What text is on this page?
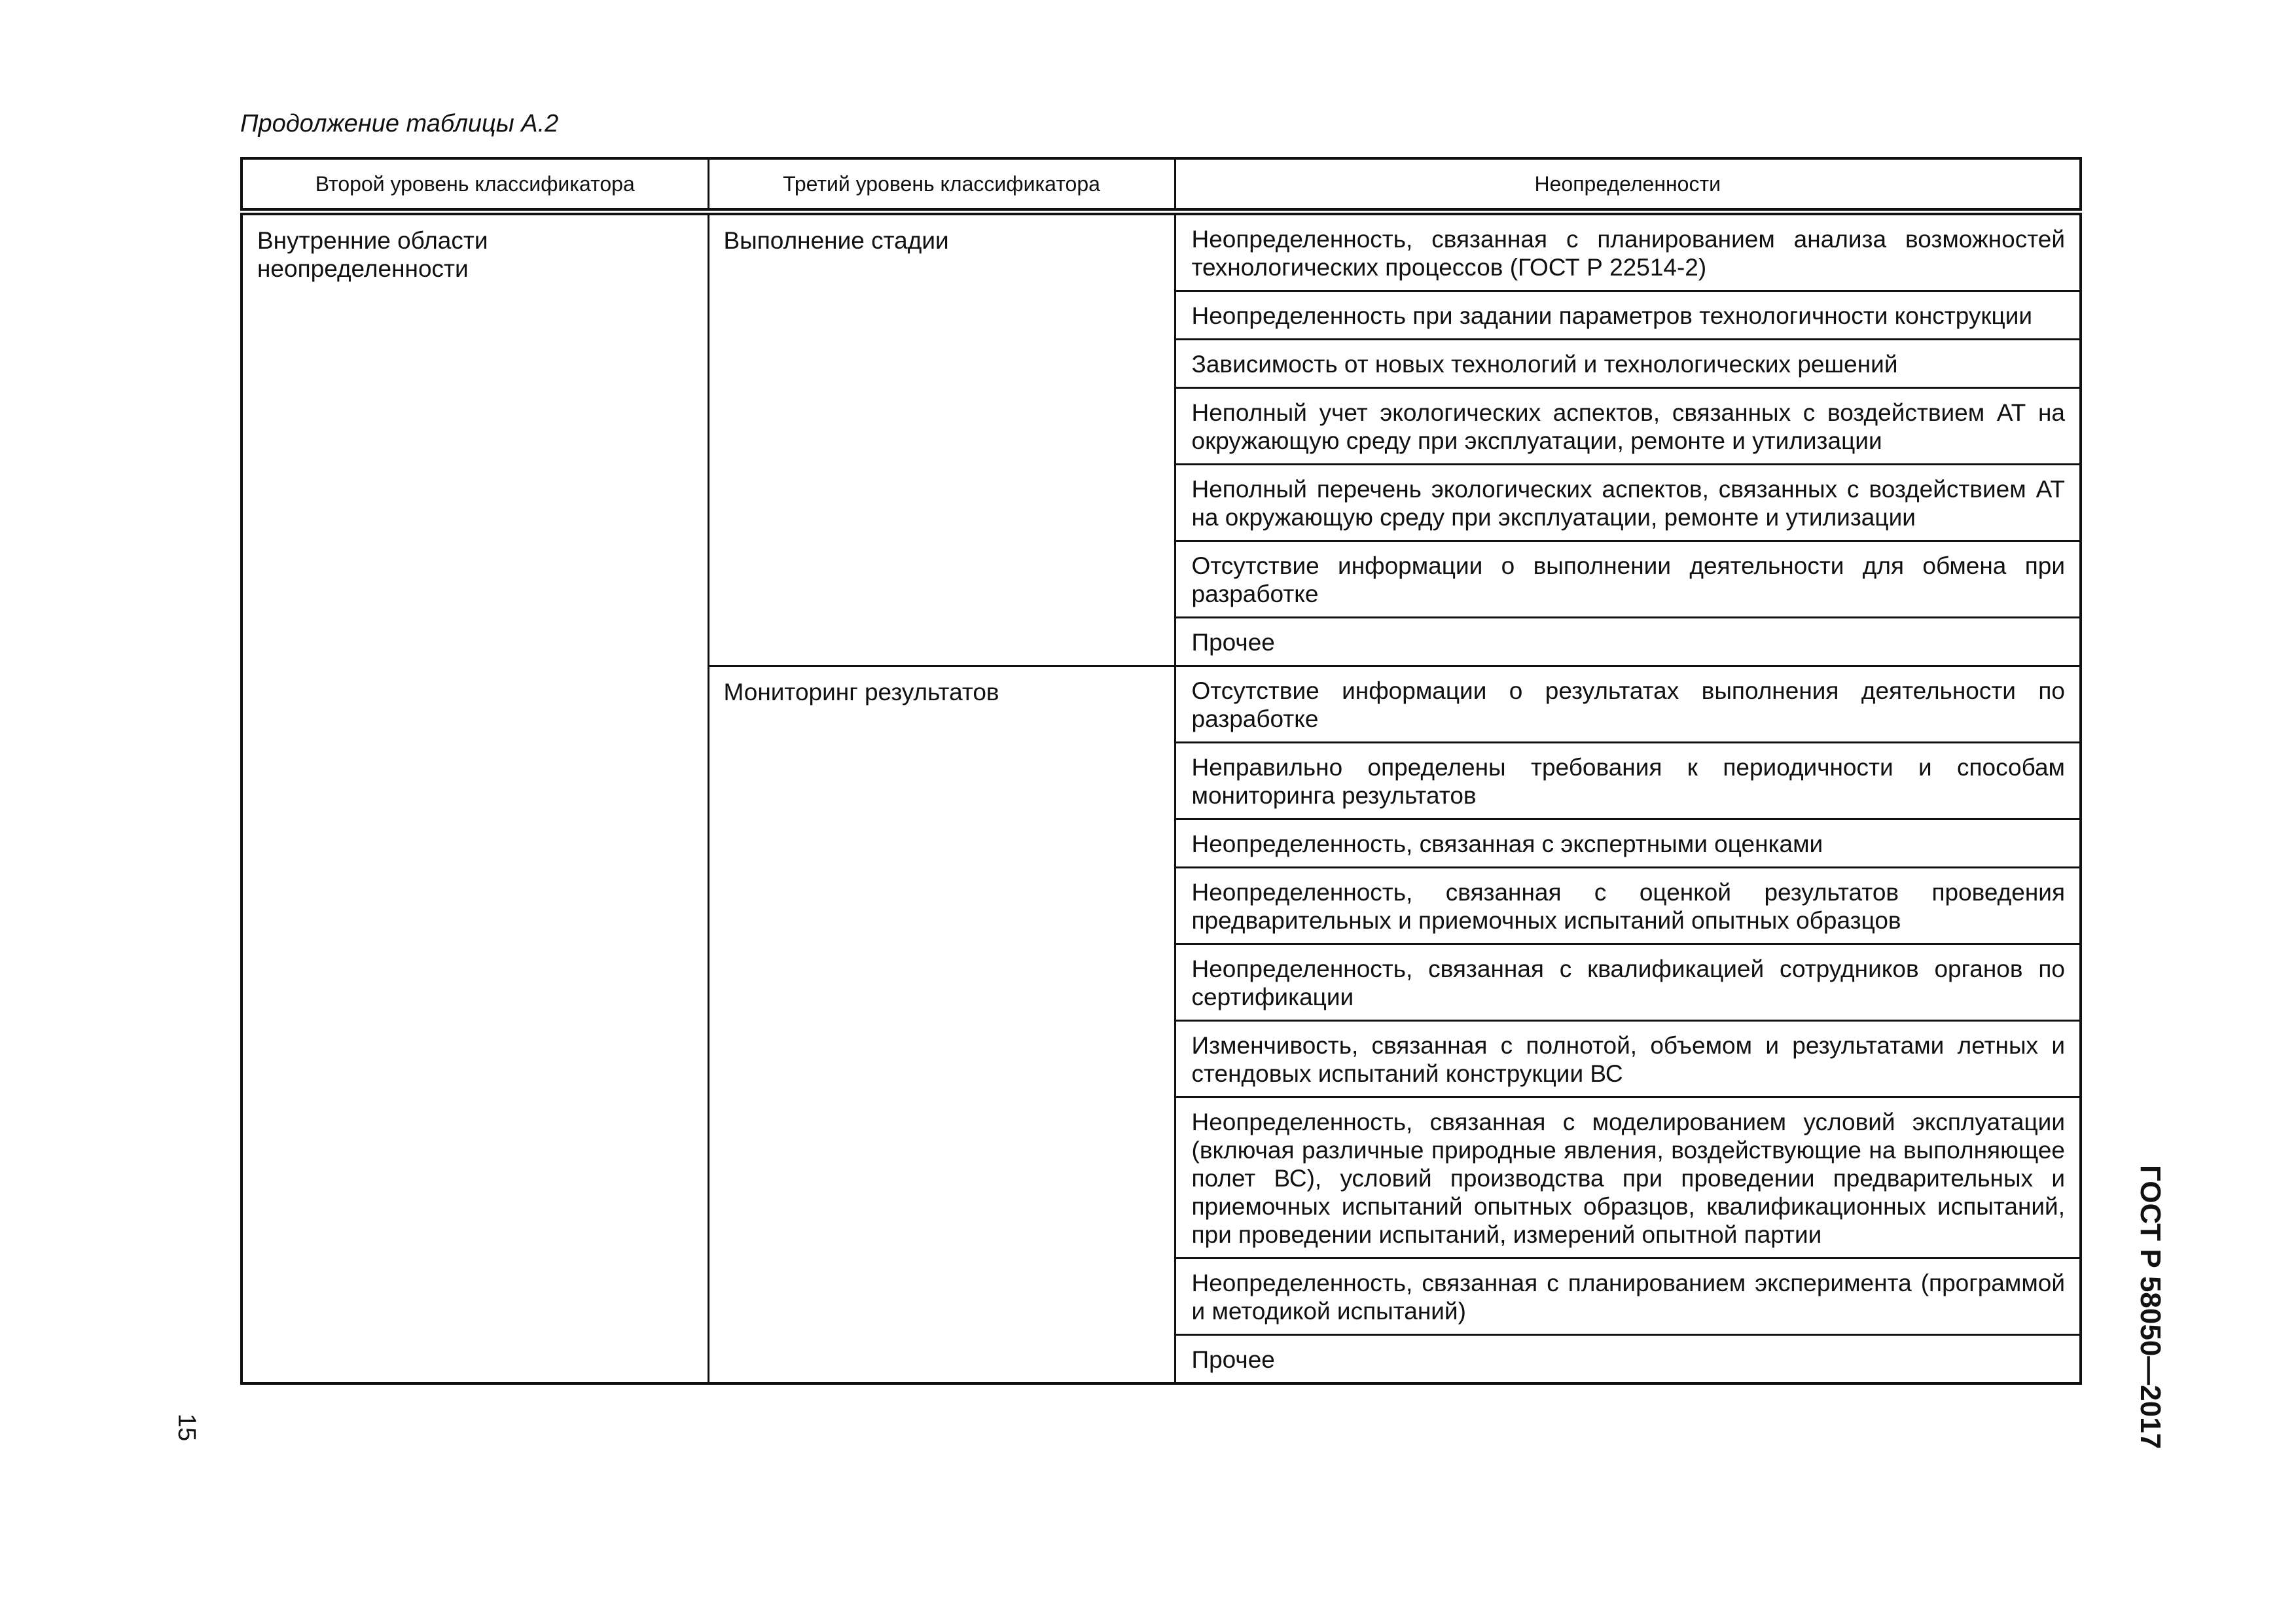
Продолжение таблицы А.2

Второй уровень классификатора	Третий уровень классификатора	Неопределенности
Внутренние области неопределенности	Выполнение стадии	Неопределенность, связанная с планированием анализа возможностей технологических процессов (ГОСТ Р 22514-2)
		Неопределенность при задании параметров технологичности конструкции
		Зависимость от новых технологий и технологических решений
		Неполный учет экологических аспектов, связанных с воздействием АТ на окружающую среду при эксплуатации, ремонте и утилизации
		Неполный перечень экологических аспектов, связанных с воздействием АТ на окружающую среду при эксплуатации, ремонте и утилизации
		Отсутствие информации о выполнении деятельности для обмена при разработке
		Прочее
	Мониторинг результатов	Отсутствие информации о результатах выполнения деятельности по разработке
		Неправильно определены требования к периодичности и способам мониторинга результатов
		Неопределенность, связанная с экспертными оценками
		Неопределенность, связанная с оценкой результатов проведения предварительных и приемочных испытаний опытных образцов
		Неопределенность, связанная с квалификацией сотрудников органов по сертификации
		Изменчивость, связанная с полнотой, объемом и результатами летных и стендовых испытаний конструкции ВС
		Неопределенность, связанная с моделированием условий эксплуатации (включая различные природные явления, воздействующие на выполняющее полет ВС), условий производства при проведении предварительных и приемочных испытаний опытных образцов, квалификационных испытаний, при проведении испытаний, измерений опытной партии
		Неопределенность, связанная с планированием эксперимента (программой и методикой испытаний)
		Прочее
15	ГОСТ Р 58050—2017
